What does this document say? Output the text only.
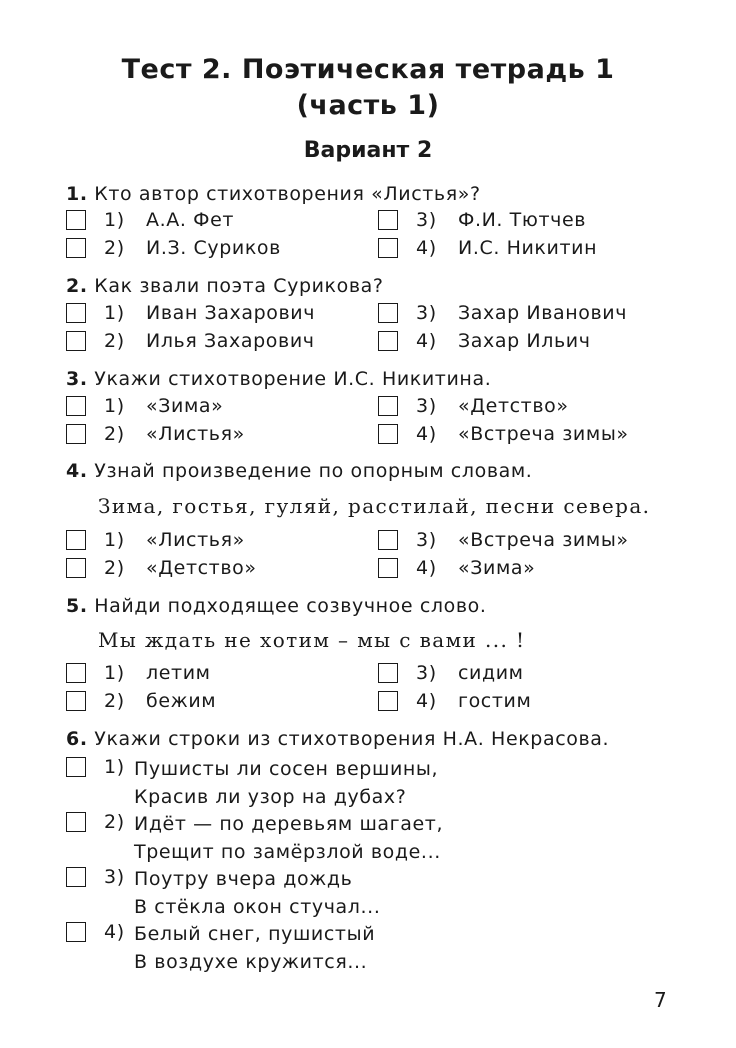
Тест 2. Поэтическая тетрадь 1
(часть 1)
Вариант 2
1. Кто автор стихотворения «Листья»?
1) А.А. Фет
2) И.З. Суриков
3) Ф.И. Тютчев
4) И.С. Никитин
2. Как звали поэта Сурикова?
1) Иван Захарович
2) Илья Захарович
3) Захар Иванович
4) Захар Ильич
3. Укажи стихотворение И.С. Никитина.
1) «Зима»
2) «Листья»
3) «Детство»
4) «Встреча зимы»
4. Узнай произведение по опорным словам.
Зима, гостья, гуляй, расстилай, песни севера.
1) «Листья»
2) «Детство»
3) «Встреча зимы»
4) «Зима»
5. Найди подходящее созвучное слово.
Мы ждать не хотим – мы с вами ... !
1) летим
2) бежим
3) сидим
4) гостим
6. Укажи строки из стихотворения Н.А. Некрасова.
1) Пушисты ли сосен вершины,
Красив ли узор на дубах?
2) Идёт — по деревьям шагает,
Трещит по замёрзлой воде...
3) Поутру вчера дождь
В стёкла окон стучал...
4) Белый снег, пушистый
В воздухе кружится...
7
